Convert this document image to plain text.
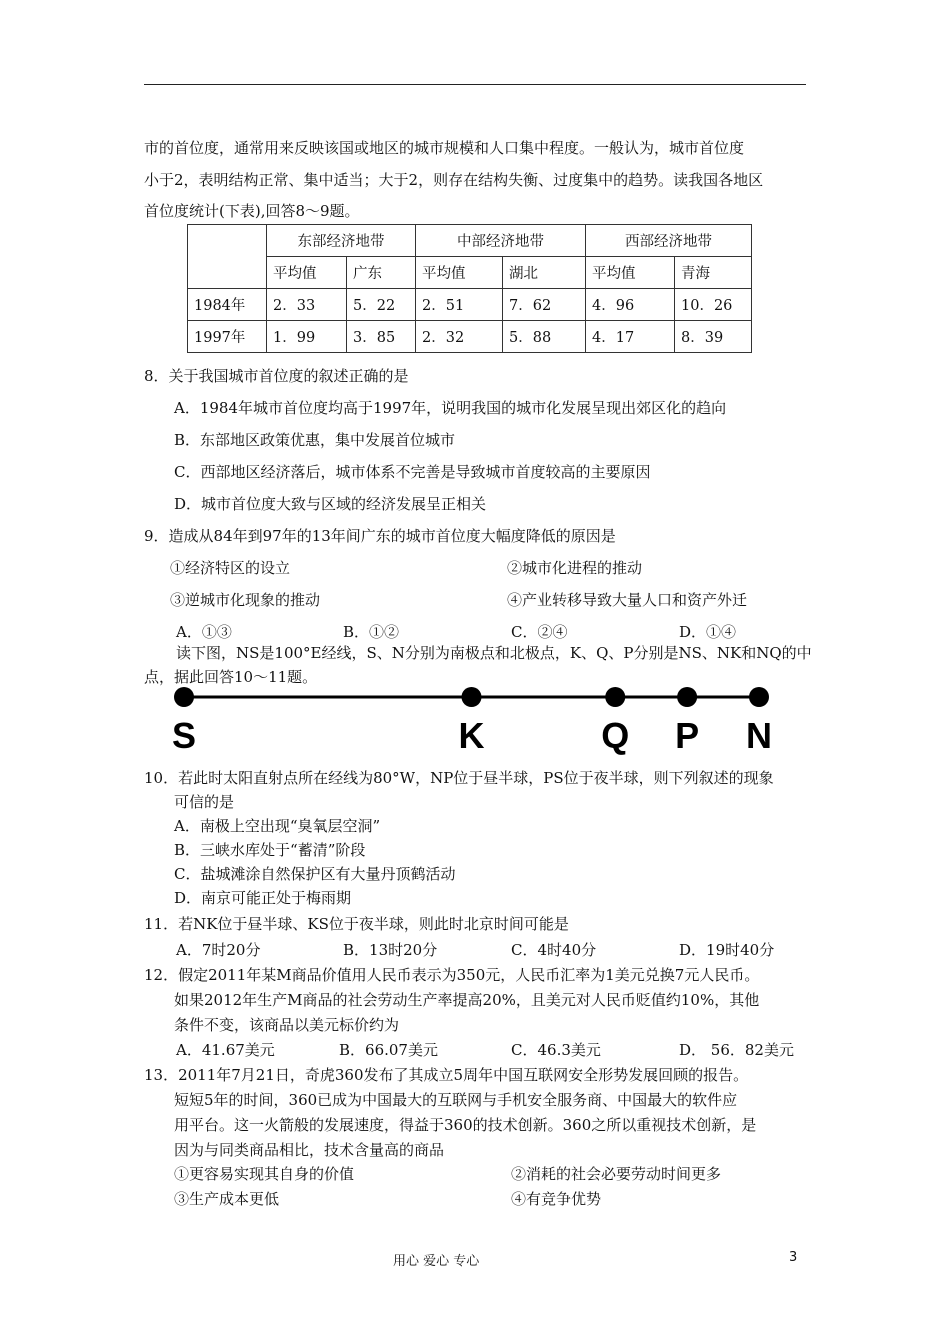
市的首位度，通常用来反映该国或地区的城市规模和人口集中程度。一般认为，城市首位度
小于2，表明结构正常、集中适当；大于2，则存在结构失衡、过度集中的趋势。读我国各地区
首位度统计(下表),回答8～9题。
	东部经济地带		中部经济地带		西部经济地带	
	平均值	广东	平均值	湖北	平均值	青海
1984年	2．33	5．22	2．51	7．62	4．96	10．26
1997年	1．99	3．85	2．32	5．88	4．17	8．39
8．关于我国城市首位度的叙述正确的是
A．1984年城市首位度均高于1997年，说明我国的城市化发展呈现出郊区化的趋向
B．东部地区政策优惠，集中发展首位城市
C．西部地区经济落后，城市体系不完善是导致城市首度较高的主要原因
D．城市首位度大致与区域的经济发展呈正相关
9．造成从84年到97年的13年间广东的城市首位度大幅度降低的原因是
①经济特区的设立	②城市化进程的推动
③逆城市化现象的推动	④产业转移导致大量人口和资产外迁
A．①③	B．①②	C．②④	D．①④
读下图，NS是100°E经线，S、N分别为南极点和北极点，K、Q、P分别是NS、NK和NQ的中
点，据此回答10～11题。
S	K	Q P N
10．若此时太阳直射点所在经线为80°W，NP位于昼半球，PS位于夜半球，则下列叙述的现象
可信的是
A．南极上空出现“臭氧层空洞”
B．三峡水库处于“蓄清”阶段
C．盐城滩涂自然保护区有大量丹顶鹤活动
D．南京可能正处于梅雨期
11．若NK位于昼半球、KS位于夜半球，则此时北京时间可能是
A．7时20分	B．13时20分	C．4时40分	D．19时40分
12．假定2011年某M商品价值用人民币表示为350元，人民币汇率为1美元兑换7元人民币。
如果2012年生产M商品的社会劳动生产率提高20%，且美元对人民币贬值约10%，其他
条件不变，该商品以美元标价约为
A．41.67美元	B．66.07美元	C．46.3美元	D． 56．82美元
13．2011年7月21日，奇虎360发布了其成立5周年中国互联网安全形势发展回顾的报告。
短短5年的时间，360已成为中国最大的互联网与手机安全服务商、中国最大的软件应
用平台。这一火箭般的发展速度，得益于360的技术创新。360之所以重视技术创新，是
因为与同类商品相比，技术含量高的商品
①更容易实现其自身的价值	②消耗的社会必要劳动时间更多
③生产成本更低	④有竞争优势
用心 爱心 专心	3
